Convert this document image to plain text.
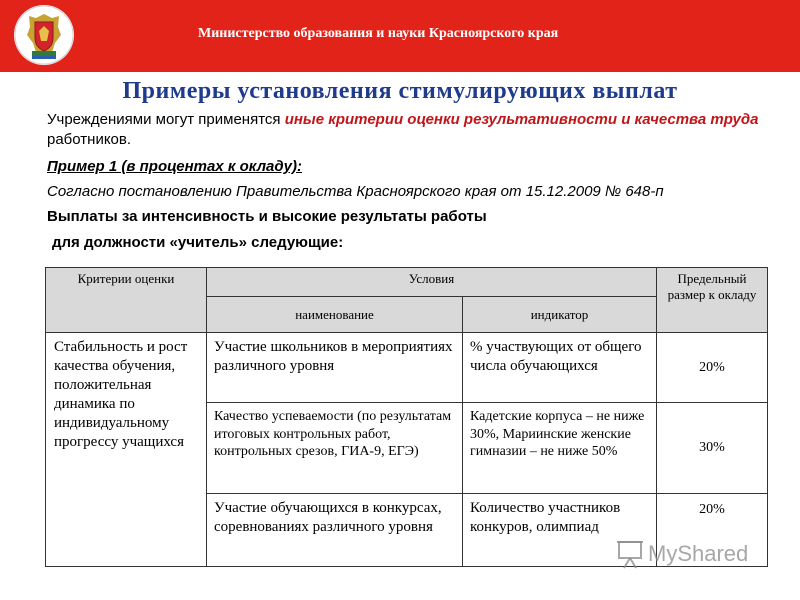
Министерство образования и науки Красноярского края
Примеры установления стимулирующих выплат

Учреждениями могут применятся иные критерии оценки результативности и качества труда работников.

Пример 1 (в процентах к окладу):

Согласно постановлению Правительства Красноярского края от 15.12.2009 № 648-п

Выплаты за интенсивность и высокие результаты работы

для должности «учитель» следующие:

Критерии оценки	Условия		Предельный размер к окладу
	наименование	индикатор	
Стабильность и рост качества обучения, положительная динамика по индивидуальному прогрессу учащихся	Участие школьников в мероприятиях различного уровня	% участвующих от общего числа обучающихся	20%
	Качество успеваемости (по результатам итоговых контрольных работ, контрольных срезов, ГИА-9, ЕГЭ)	Кадетские корпуса – не ниже 30%, Мариинские женские гимназии – не ниже 50%	30%
	Участие обучающихся в конкурсах, соревнованиях различного уровня	Количество участников конкуров, олимпиад	20%
MyShared
